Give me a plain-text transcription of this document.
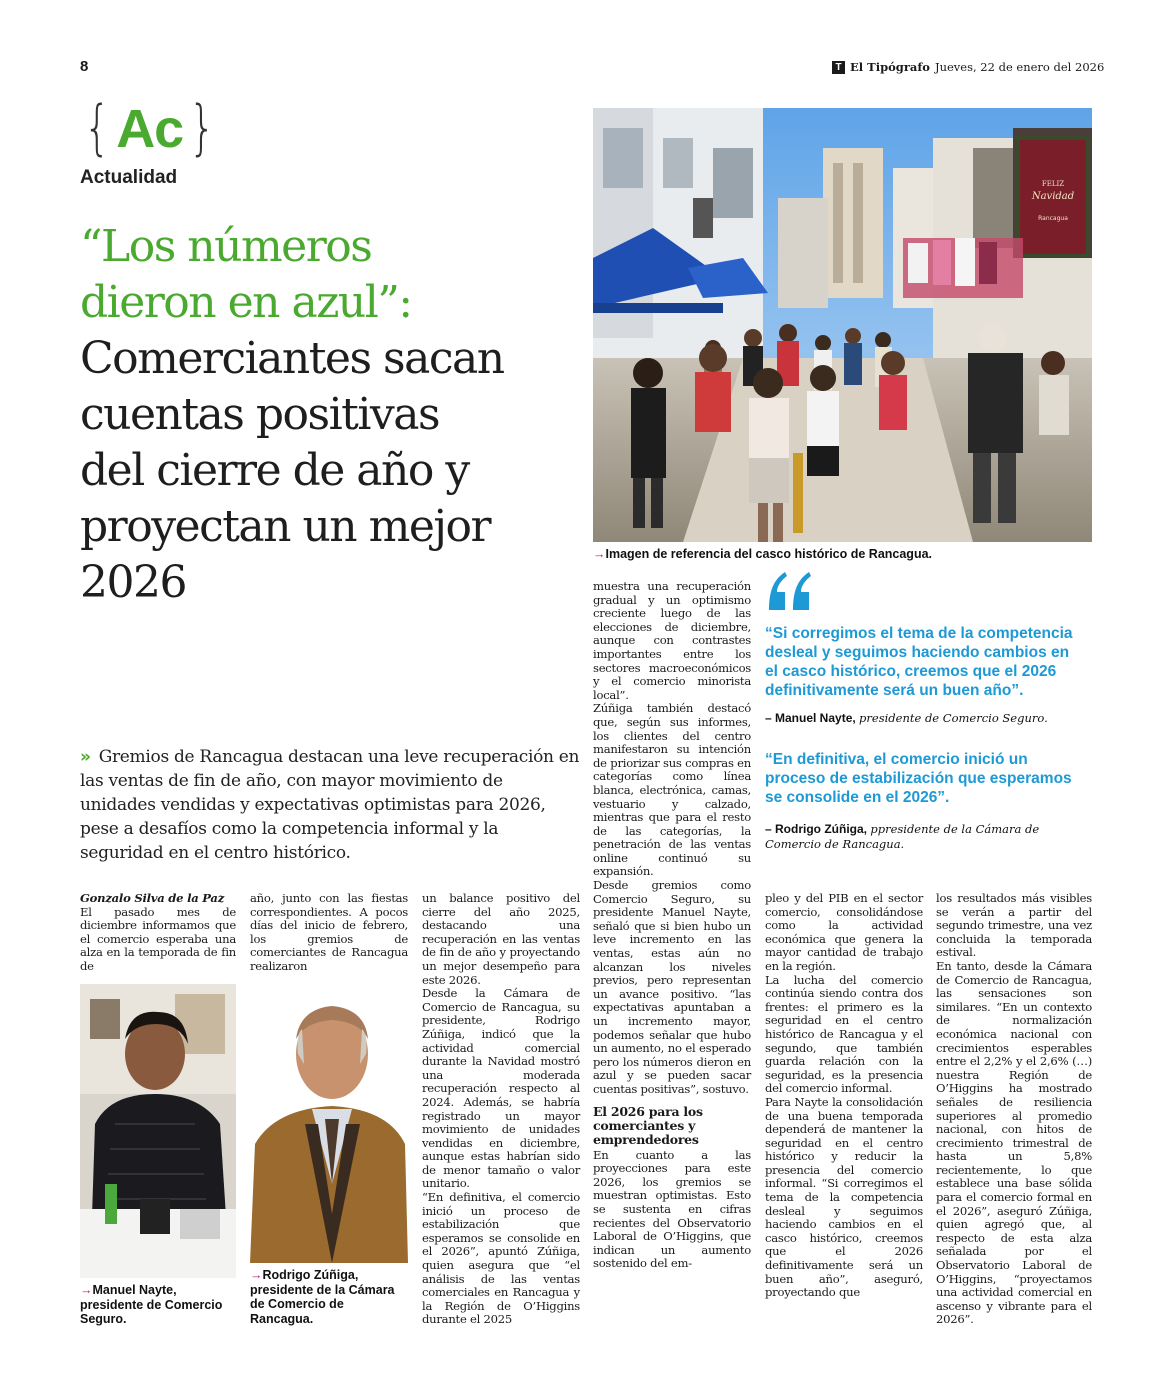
8	T El Tipógrafo Jueves, 22 de enero del 2026
{ Ac}
Actualidad
“Los números
dieron en azul”:
Comerciantes sacan
cuentas positivas
del cierre de año y
proyectan un mejor
2026

» Gremios de Rancagua destacan una leve recuperación en las ventas de fin de año, con mayor movimiento de unidades vendidas y expectativas optimistas para 2026, pese a desafíos como la competencia informal y la seguridad en el centro histórico.

FELIZ
Navidad
Rancagua
→Imagen de referencia del casco histórico de Rancagua.
“Si corregimos el tema de la competencia desleal y seguimos haciendo cambios en el casco histórico, creemos que el 2026 definitivamente será un buen año”.
– Manuel Nayte, presidente de Comercio Seguro.
“En definitiva, el comercio inició un proceso de estabilización que esperamos se consolide en el 2026”.
– Rodrigo Zúñiga, ppresidente de la Cámara de Comercio de Rancagua.

muestra una recuperación gradual y un optimismo creciente luego de las elecciones de diciembre, aunque con contrastes importantes entre los sectores macroeconómicos y el comercio minorista local”.

Zúñiga también destacó que, según sus informes, los clientes del centro manifestaron su intención de priorizar sus compras en categorías como línea blanca, electrónica, camas, vestuario y calzado, mientras que para el resto de las categorías, la penetración de las ventas online continuó su expansión.

Desde gremios como Comercio Seguro, su presidente Manuel Nayte, señaló que si bien hubo un leve incremento en las ventas, estas aún no alcanzan los niveles previos, pero representan un avance positivo. “las expectativas apuntaban a un incremento mayor, podemos señalar que hubo un aumento, no el esperado pero los números dieron en azul y se pueden sacar cuentas positivas”, sostuvo.

El 2026 para los comerciantes y emprendedores

En cuanto a las proyecciones para este 2026, los gremios se muestran optimistas. Esto se sustenta en cifras recientes del Observatorio Laboral de O’Higgins, que indican un aumento sostenido del em-

Gonzalo Silva de la Paz

El pasado mes de diciembre informamos que el comercio esperaba una alza en la temporada de fin de

año, junto con las fiestas correspondientes. A pocos días del inicio de febrero, los gremios de comerciantes de Rancagua realizaron

un balance positivo del cierre del año 2025, destacando una recuperación en las ventas de fin de año y proyectando un mejor desempeño para este 2026.

Desde la Cámara de Comercio de Rancagua, su presidente, Rodrigo Zúñiga, indicó que la actividad comercial durante la Navidad mostró una moderada recuperación respecto al 2024. Además, se habría registrado un mayor movimiento de unidades vendidas en diciembre, aunque estas habrían sido de menor tamaño o valor unitario.

“En definitiva, el comercio inició un proceso de estabilización que esperamos se consolide en el 2026”, apuntó Zúñiga, quien asegura que “el análisis de las ventas comerciales en Rancagua y la Región de O’Higgins durante el 2025

pleo y del PIB en el sector comercio, consolidándose como la actividad económica que genera la mayor cantidad de trabajo en la región.

La lucha del comercio continúa siendo contra dos frentes: el primero es la seguridad en el centro histórico de Rancagua y el segundo, que también guarda relación con la seguridad, es la presencia del comercio informal.

Para Nayte la consolidación de una buena temporada dependerá de mantener la seguridad en el centro histórico y reducir la presencia del comercio informal. “Si corregimos el tema de la competencia desleal y seguimos haciendo cambios en el casco histórico, creemos que el 2026 definitivamente será un buen año”, aseguró, proyectando que

los resultados más visibles se verán a partir del segundo trimestre, una vez concluida la temporada estival.

En tanto, desde la Cámara de Comercio de Rancagua, las sensaciones son similares. “En un contexto de normalización económica nacional con crecimientos esperables entre el 2,2% y el 2,6% (…) nuestra Región de O’Higgins ha mostrado señales de resiliencia superiores al promedio nacional, con hitos de crecimiento trimestral de hasta un 5,8% recientemente, lo que establece una base sólida para el comercio formal en el 2026”, aseguró Zúñiga, quien agregó que, al respecto de esta alza señalada por el Observatorio Laboral de O’Higgins, “proyectamos una actividad comercial en ascenso y vibrante para el 2026”.

→Manuel Nayte, presidente de Comercio Seguro.
→Rodrigo Zúñiga, presidente de la Cámara de Comercio de Rancagua.
